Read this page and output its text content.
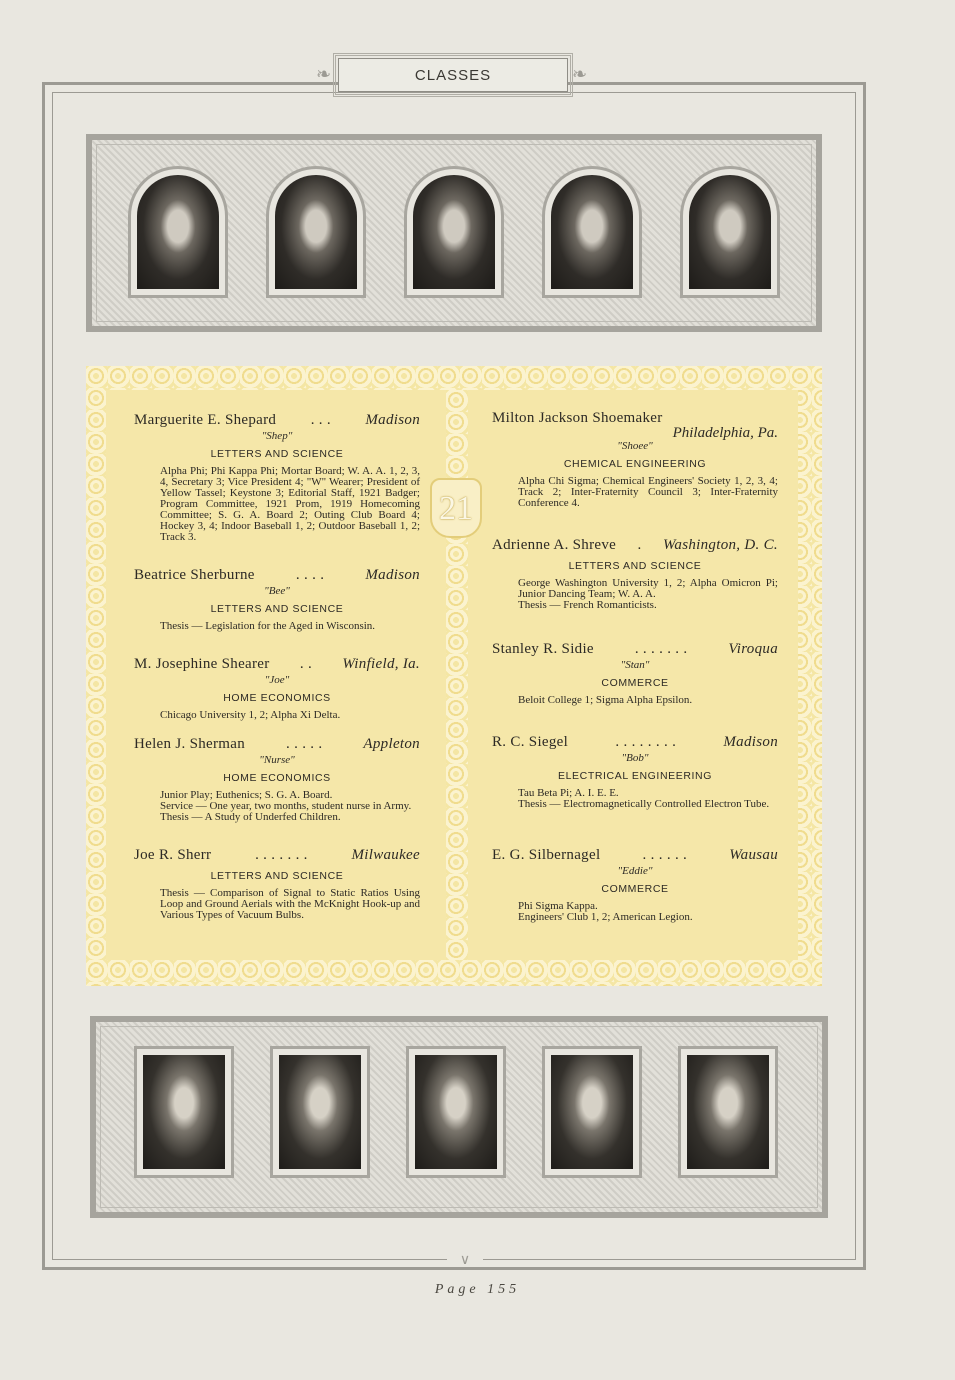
❧	❧
CLASSES
21
Marguerite E. Shepard . . . Madison
"Shep"
LETTERS AND SCIENCE

Alpha Phi; Phi Kappa Phi; Mortar Board; W. A. A. 1, 2, 3, 4, Secretary 3; Vice President 4; "W" Wearer; President of Yellow Tassel; Keystone 3; Editorial Staff, 1921 Badger; Program Committee, 1921 Prom, 1919 Homecoming Committee; S. G. A. Board 2; Outing Club Board 4; Hockey 3, 4; Indoor Baseball 1, 2; Outdoor Baseball 1, 2; Track 3.

Beatrice Sherburne	. . . .	Madison
"Bee"
LETTERS AND SCIENCE

Thesis — Legislation for the Aged in Wisconsin.

M. Josephine Shearer . . Winfield, Ia.
"Joe"
HOME ECONOMICS

Chicago University 1, 2; Alpha Xi Delta.

Helen J. Sherman	. . . . .	Appleton
"Nurse"
HOME ECONOMICS

Junior Play; Euthenics; S. G. A. Board.

Service — One year, two months, student nurse in Army.

Thesis — A Study of Underfed Children.

Joe R. Sherr	. . . . . . .	Milwaukee
LETTERS AND SCIENCE

Thesis — Comparison of Signal to Static Ratios Using Loop and Ground Aerials with the McKnight Hook-up and Various Types of Vacuum Bulbs.

Milton Jackson Shoemaker
Philadelphia, Pa.
"Shoee"
CHEMICAL ENGINEERING

Alpha Chi Sigma; Chemical Engineers' Society 1, 2, 3, 4; Track 2; Inter-Fraternity Council 3; Inter-Fraternity Conference 4.

Adrienne A. Shreve . Washington, D. C.
LETTERS AND SCIENCE

George Washington University 1, 2; Alpha Omicron Pi; Junior Dancing Team; W. A. A.

Thesis — French Romanticists.

Stanley R. Sidie	. . . . . . .	Viroqua
"Stan"
COMMERCE

Beloit College 1; Sigma Alpha Epsilon.

R. C. Siegel	. . . . . . . .	Madison
"Bob"
ELECTRICAL ENGINEERING

Tau Beta Pi; A. I. E. E.

Thesis — Electromagnetically Controlled Electron Tube.

E. G. Silbernagel	. . . . . .	Wausau
"Eddie"
COMMERCE

Phi Sigma Kappa.

Engineers' Club 1, 2; American Legion.

∨
Page 155
